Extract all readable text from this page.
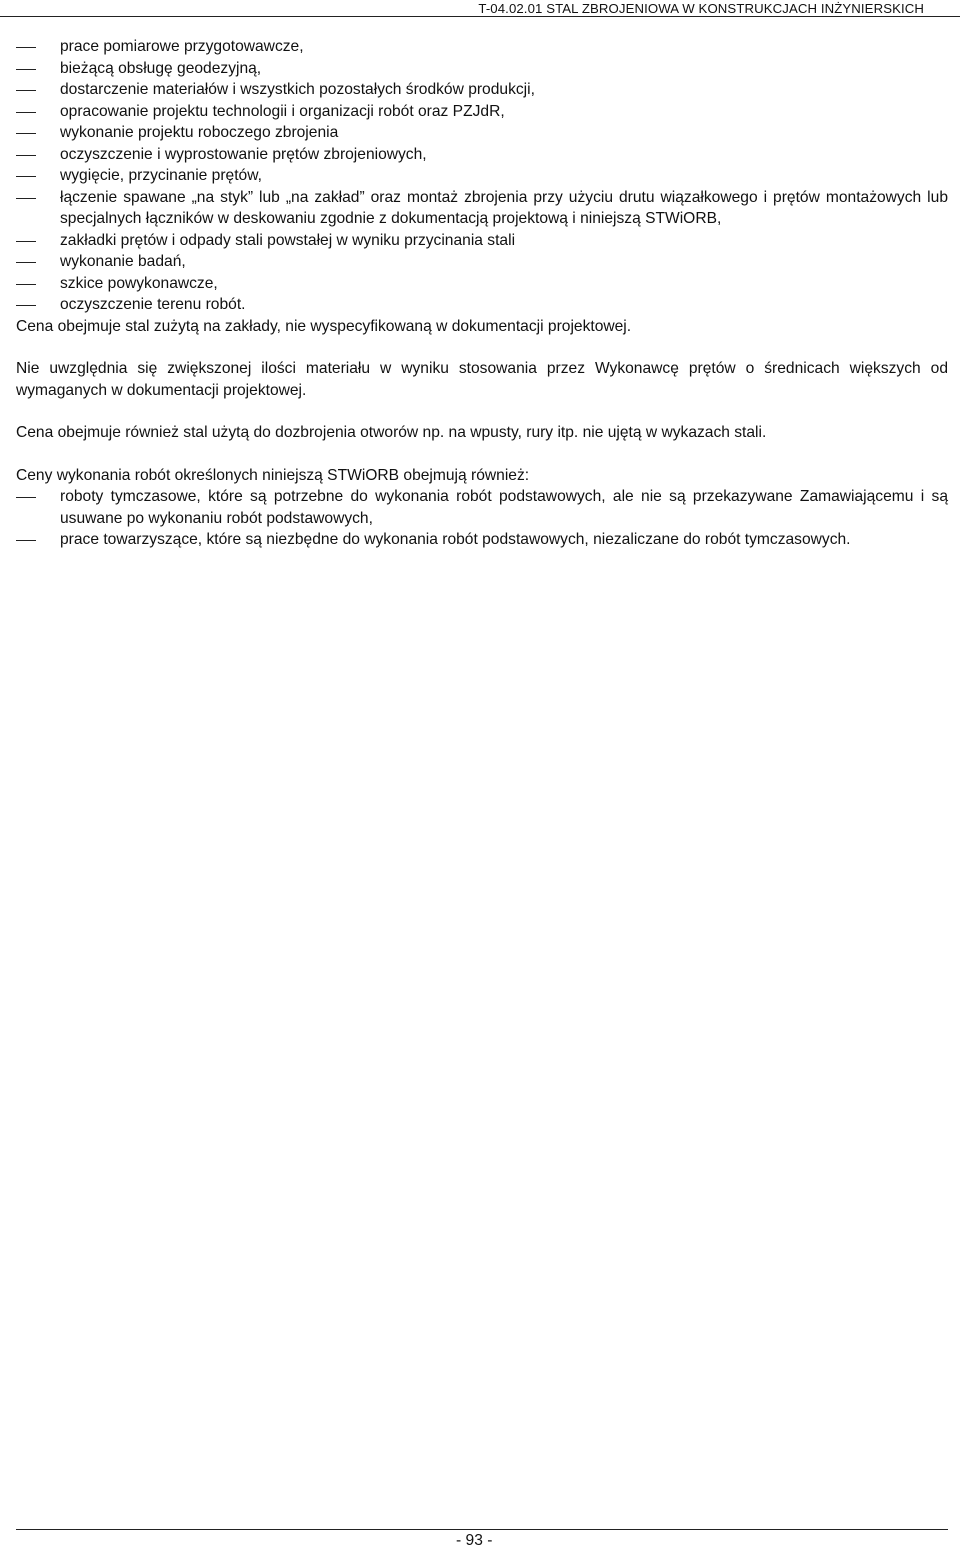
T-04.02.01 STAL ZBROJENIOWA W KONSTRUKCJACH INŻYNIERSKICH
prace pomiarowe przygotowawcze,
bieżącą obsługę geodezyjną,
dostarczenie materiałów i wszystkich pozostałych środków produkcji,
opracowanie projektu technologii i organizacji robót oraz PZJdR,
wykonanie projektu roboczego zbrojenia
oczyszczenie i wyprostowanie prętów zbrojeniowych,
wygięcie, przycinanie prętów,
łączenie spawane „na styk” lub „na zakład” oraz montaż zbrojenia przy użyciu drutu wiązałkowego i prętów montażowych lub specjalnych łączników w deskowaniu zgodnie z dokumentacją projektową i niniejszą STWiORB,
zakładki prętów i odpady stali powstałej w wyniku przycinania stali
wykonanie badań,
szkice powykonawcze,
oczyszczenie terenu robót.

Cena obejmuje stal zużytą na zakłady, nie wyspecyfikowaną w dokumentacji projektowej.

Nie uwzględnia się zwiększonej ilości materiału w wyniku stosowania przez Wykonawcę prętów o średnicach większych od wymaganych w dokumentacji projektowej.

Cena obejmuje również stal użytą do dozbrojenia otworów np. na wpusty, rury itp. nie ujętą w wykazach stali.

Ceny wykonania robót określonych niniejszą STWiORB obejmują również:

roboty tymczasowe, które są potrzebne do wykonania robót podstawowych, ale nie są przekazywane Zamawiającemu i są usuwane po wykonaniu robót podstawowych,
prace towarzyszące, które są niezbędne do wykonania robót podstawowych, niezaliczane do robót tymczasowych.
- 93 -
